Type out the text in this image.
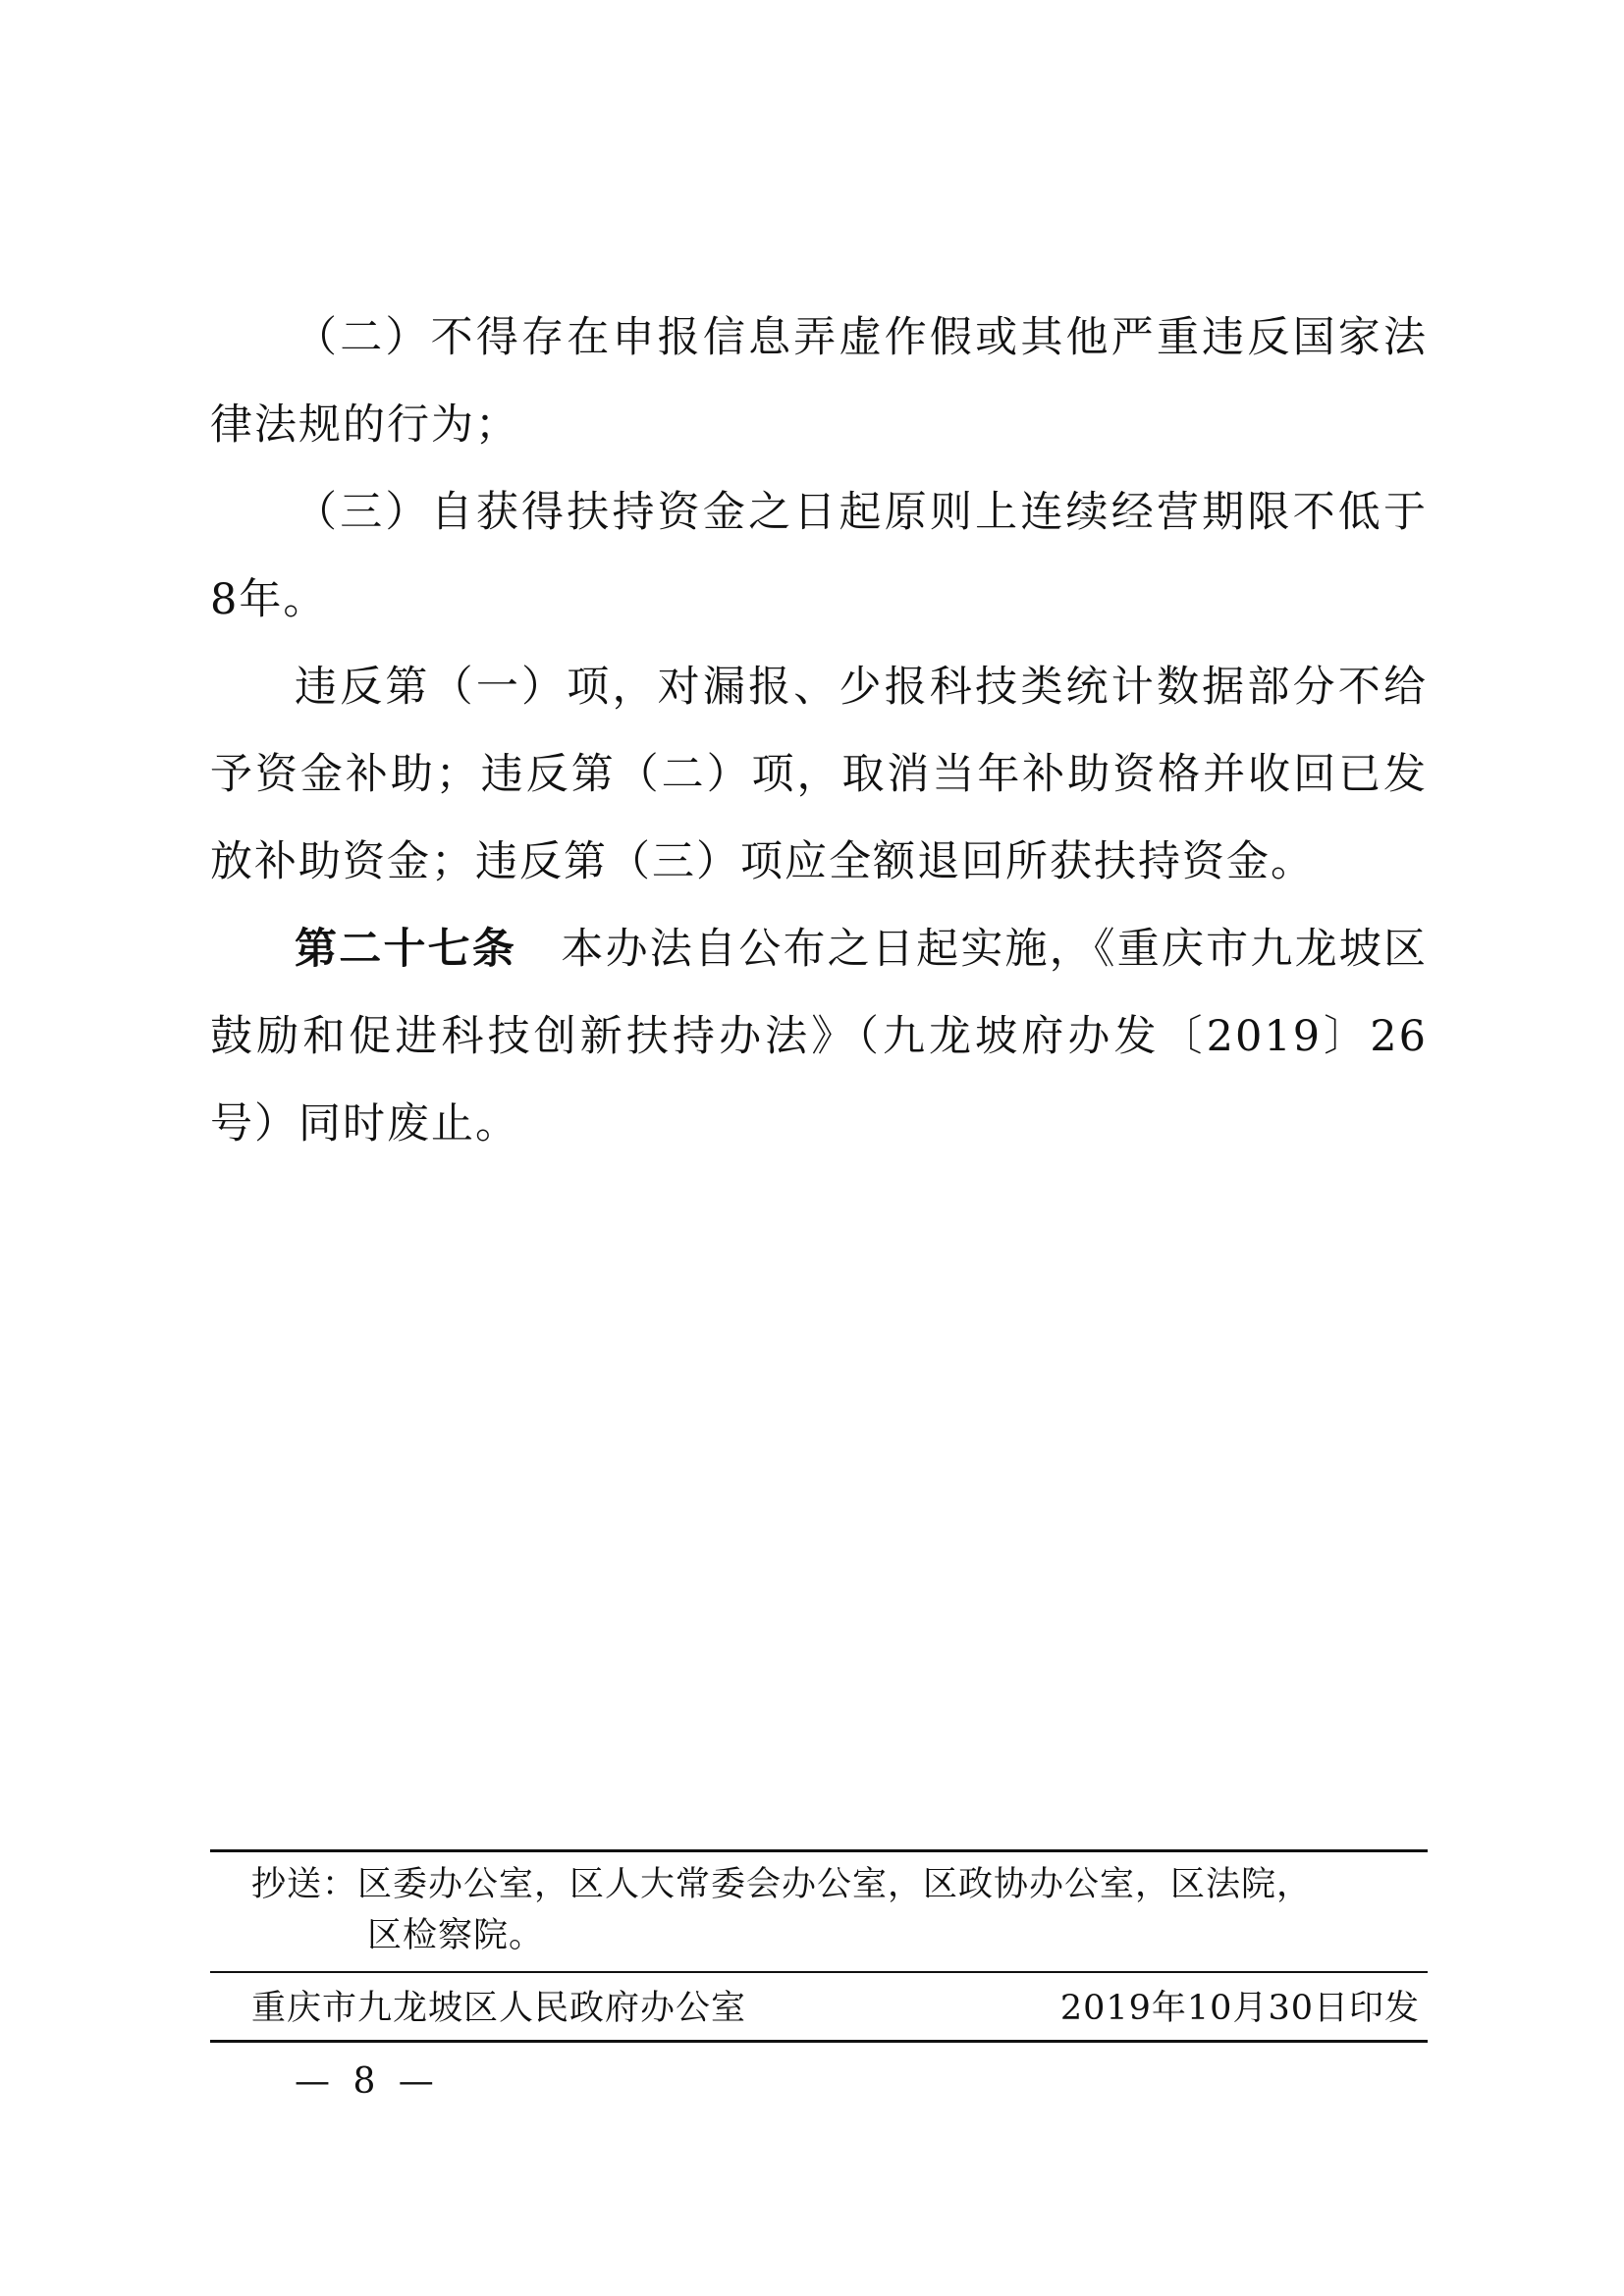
（二）不得存在申报信息弄虚作假或其他严重违反国家法律法规的行为；

（三）自获得扶持资金之日起原则上连续经营期限不低于8年。

违反第（一）项，对漏报、少报科技类统计数据部分不给予资金补助；违反第（二）项，取消当年补助资格并收回已发放补助资金；违反第（三）项应全额退回所获扶持资金。

第二十七条　 本办法自公布之日起实施，《重庆市九龙坡区鼓励和促进科技创新扶持办法》（九龙坡府办发〔2019〕26号）同时废止。

抄送：区委办公室，区人大常委会办公室，区政协办公室，区法院，
区检察院。
重庆市九龙坡区人民政府办公室	2019年10月30日印发
— 8 —
